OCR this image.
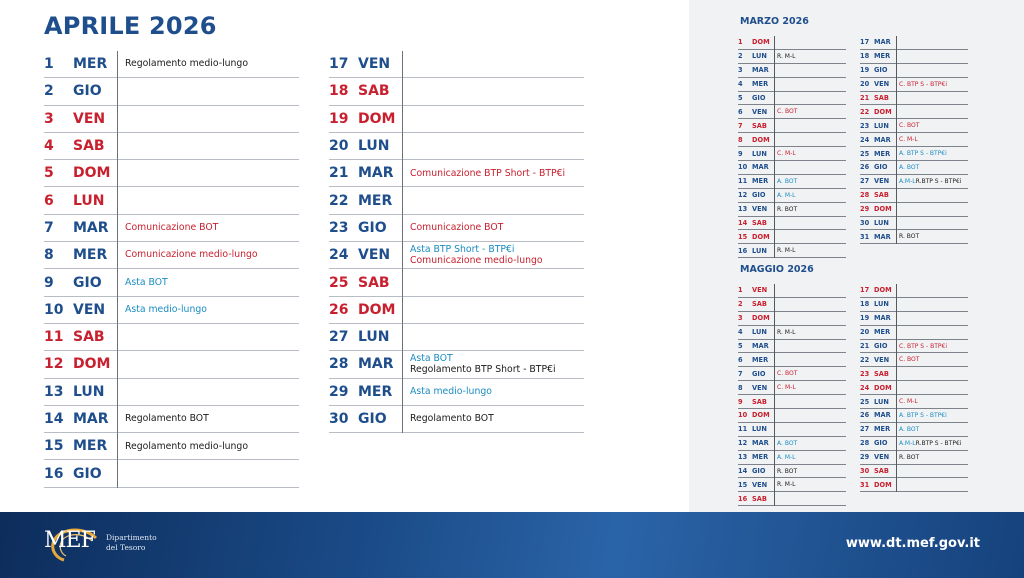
APRILE 2026
1	MER	Regolamento medio-lungo
2	GIO
3	VEN
4	SAB
5	DOM
6	LUN
7	MAR	Comunicazione BOT
8	MER	Comunicazione medio-lungo
9	GIO	Asta BOT
10 VEN	Asta medio-lungo
11 SAB
12 DOM
13 LUN
14 MAR	Regolamento BOT
15 MER	Regolamento medio-lungo
16 GIO
17 VEN
18 SAB
19 DOM
20 LUN
21 MAR	Comunicazione BTP Short - BTP€i
22 MER
23 GIO	Comunicazione BOT
24 VEN	Asta BTP Short - BTP€i
Comunicazione medio-lungo
25 SAB
26 DOM
27 LUN
28 MAR	Asta BOT
Regolamento BTP Short - BTP€i
29 MER	Asta medio-lungo
30 GIO	Regolamento BOT
MARZO 2026
1	DOM
2	LUN	R. M-L
3	MAR
4	MER
5	GIO
6	VEN	C. BOT
7	SAB
8	DOM
9	LUN	C. M-L
10 MAR
11 MER	A. BOT
12 GIO	A. M-L
13 VEN	R. BOT
14 SAB
15 DOM
16 LUN	R. M-L
17 MAR
18 MER
19 GIO
20 VEN	C. BTP S - BTP€i
21 SAB
22 DOM
23 LUN	C. BOT
24 MAR	C. M-L
25 MER	A. BTP S - BTP€i
26 GIO	A. BOT
27 VEN	A.M-L R.BTP S - BTP€i
28 SAB
29 DOM
30 LUN
31 MAR	R. BOT
MAGGIO 2026
1	VEN
2	SAB
3	DOM
4	LUN	R. M-L
5	MAR
6	MER
7	GIO	C. BOT
8	VEN	C. M-L
9	SAB
10 DOM
11 LUN
12 MAR	A. BOT
13 MER	A. M-L
14 GIO	R. BOT
15 VEN	R. M-L
16 SAB
17 DOM
18 LUN
19 MAR
20 MER
21 GIO	C. BTP S - BTP€i
22 VEN	C. BOT
23 SAB
24 DOM
25 LUN	C. M-L
26 MAR	A. BTP S - BTP€i
27 MER	A. BOT
28 GIO	A.M-L R.BTP S - BTP€i
29 VEN	R. BOT
30 SAB
31 DOM
MEF Dipartimento
del Tesoro	www.dt.mef.gov.it
